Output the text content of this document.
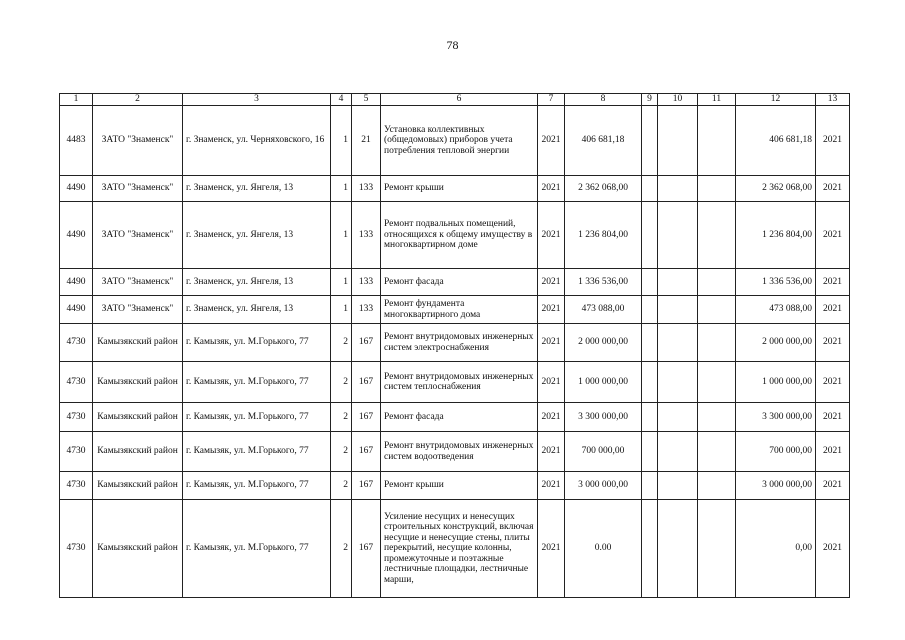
78
1	2	3	4	5	6	7	8	9	10	11	12	13
4483	ЗАТО "Знаменск"	г. Знаменск, ул. Черняховского, 16	1	21	Установка коллективных (общедомовых) приборов учета потребления тепловой энергии	2021	406 681,18				406 681,18	2021
4490	ЗАТО "Знаменск"	г. Знаменск, ул. Янгеля, 13	1	133	Ремонт крыши	2021	2 362 068,00				2 362 068,00	2021
4490	ЗАТО "Знаменск"	г. Знаменск, ул. Янгеля, 13	1	133	Ремонт подвальных помещений, относящихся к общему имуществу в многоквартирном доме	2021	1 236 804,00				1 236 804,00	2021
4490	ЗАТО "Знаменск"	г. Знаменск, ул. Янгеля, 13	1	133	Ремонт фасада	2021	1 336 536,00				1 336 536,00	2021
4490	ЗАТО "Знаменск"	г. Знаменск, ул. Янгеля, 13	1	133	Ремонт фундамента многоквартирного дома	2021	473 088,00				473 088,00	2021
4730	Камызякский район	г. Камызяк, ул. М.Горького, 77	2	167	Ремонт внутридомовых инженерных систем электроснабжения	2021	2 000 000,00				2 000 000,00	2021
4730	Камызякский район	г. Камызяк, ул. М.Горького, 77	2	167	Ремонт внутридомовых инженерных систем теплоснабжения	2021	1 000 000,00				1 000 000,00	2021
4730	Камызякский район	г. Камызяк, ул. М.Горького, 77	2	167	Ремонт фасада	2021	3 300 000,00				3 300 000,00	2021
4730	Камызякский район	г. Камызяк, ул. М.Горького, 77	2	167	Ремонт внутридомовых инженерных систем водоотведения	2021	700 000,00				700 000,00	2021
4730	Камызякский район	г. Камызяк, ул. М.Горького, 77	2	167	Ремонт крыши	2021	3 000 000,00				3 000 000,00	2021
4730	Камызякский район	г. Камызяк, ул. М.Горького, 77	2	167	Усиление несущих и ненесущих строительных конструкций, включая несущие и ненесущие стены, плиты перекрытий, несущие колонны, промежуточные и поэтажные лестничные площадки, лестничные марши,	2021	0.00				0,00	2021
